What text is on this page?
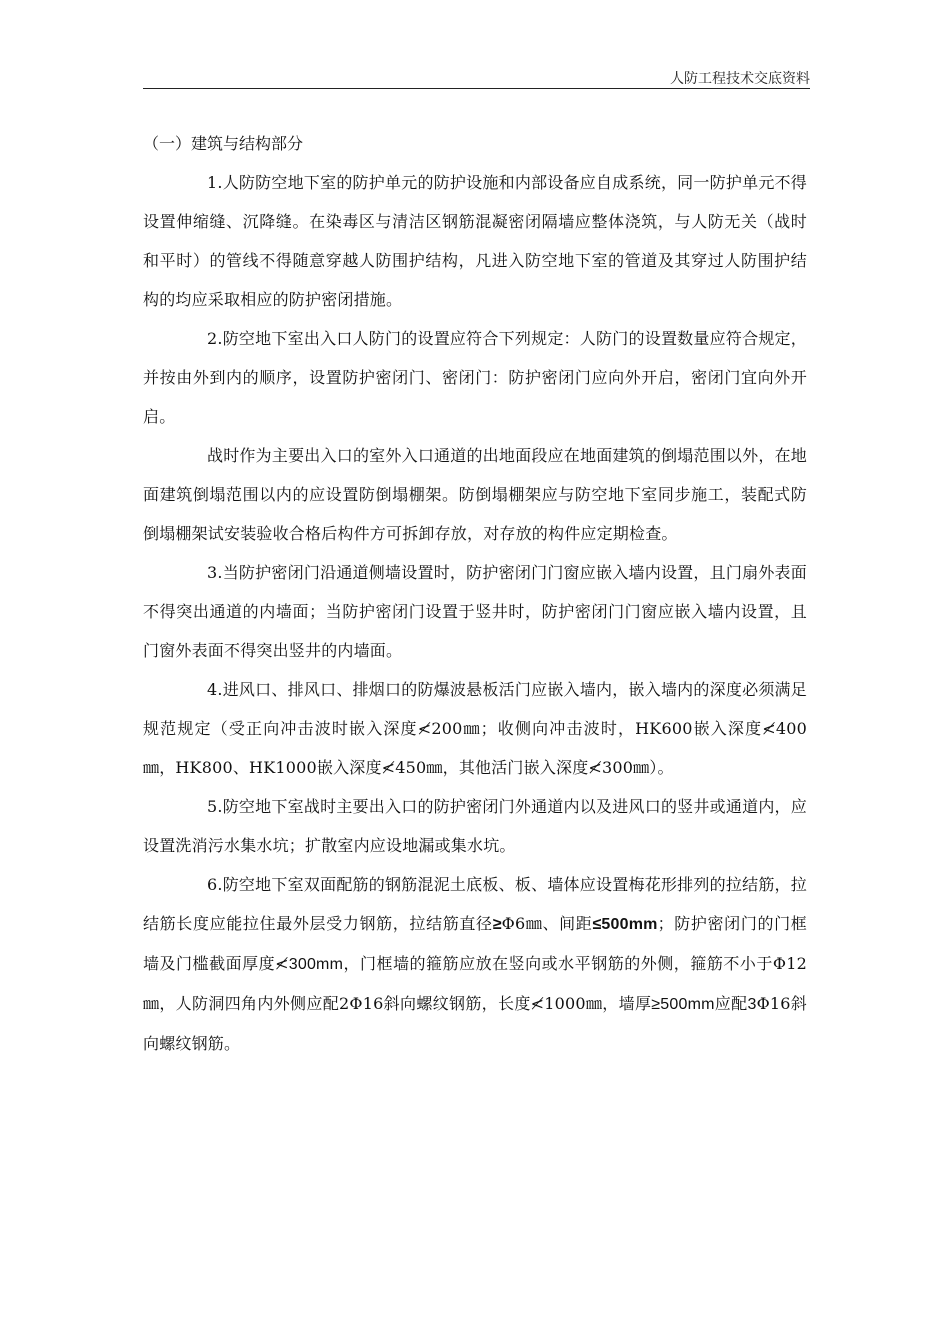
人防工程技术交底资料

（一）建筑与结构部分

1.人防防空地下室的防护单元的防护设施和内部设备应自成系统，同一防护单元不得设置伸缩缝、沉降缝。在染毒区与清洁区钢筋混凝密闭隔墙应整体浇筑，与人防无关（战时和平时）的管线不得随意穿越人防围护结构，凡进入防空地下室的管道及其穿过人防围护结构的均应采取相应的防护密闭措施。

2.防空地下室出入口人防门的设置应符合下列规定：人防门的设置数量应符合规定，并按由外到内的顺序，设置防护密闭门、密闭门：防护密闭门应向外开启，密闭门宜向外开启。

战时作为主要出入口的室外入口通道的出地面段应在地面建筑的倒塌范围以外，在地面建筑倒塌范围以内的应设置防倒塌棚架。防倒塌棚架应与防空地下室同步施工，装配式防倒塌棚架试安装验收合格后构件方可拆卸存放，对存放的构件应定期检查。

3.当防护密闭门沿通道侧墙设置时，防护密闭门门窗应嵌入墙内设置，且门扇外表面不得突出通道的内墙面；当防护密闭门设置于竖井时，防护密闭门门窗应嵌入墙内设置，且门窗外表面不得突出竖井的内墙面。

4.进风口、排风口、排烟口的防爆波悬板活门应嵌入墙内，嵌入墙内的深度必须满足规范规定（受正向冲击波时嵌入深度≮200㎜；收侧向冲击波时，HK600嵌入深度≮400㎜，HK800、HK1000嵌入深度≮450㎜，其他活门嵌入深度≮300㎜）。

5.防空地下室战时主要出入口的防护密闭门外通道内以及进风口的竖井或通道内，应设置洗消污水集水坑；扩散室内应设地漏或集水坑。

6.防空地下室双面配筋的钢筋混泥土底板、板、墙体应设置梅花形排列的拉结筋，拉结筋长度应能拉住最外层受力钢筋，拉结筋直径≥Φ6㎜、间距≤500mm；防护密闭门的门框墙及门槛截面厚度≮300mm，门框墙的箍筋应放在竖向或水平钢筋的外侧，箍筋不小于Φ12㎜，人防洞四角内外侧应配2Φ16斜向螺纹钢筋，长度≮1000㎜，墙厚≥500mm应配3Φ16斜向螺纹钢筋。
